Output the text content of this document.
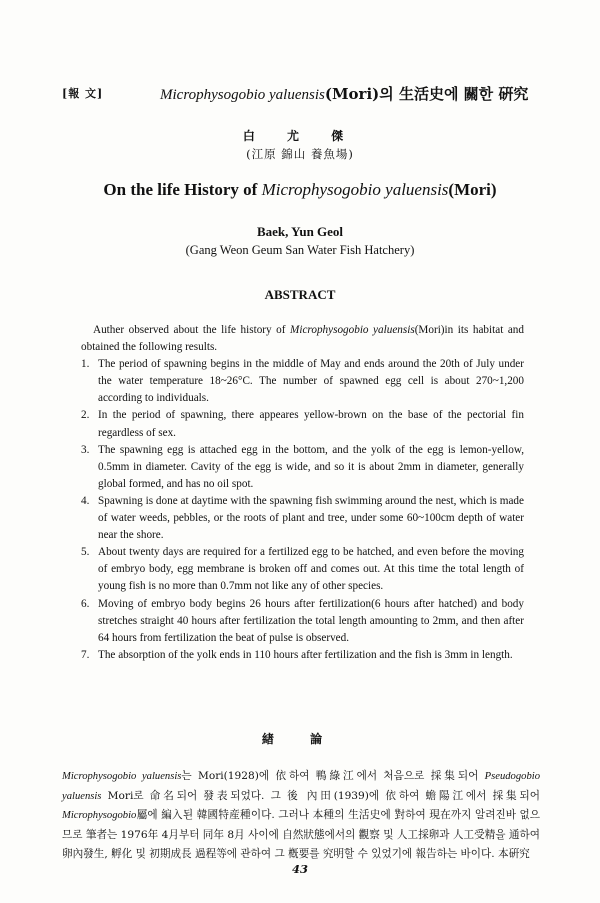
[報 文]	Microphysogobio yaluensis(Mori)의 生活史에 關한 硏究
白 尤 傑
(江原 錦山 養魚場)
On the life History of Microphysogobio yaluensis(Mori)
Baek, Yun Geol
(Gang Weon Geum San Water Fish Hatchery)
ABSTRACT

Auther observed about the life history of Microphysogobio yaluensis(Mori)in its habitat and obtained the following results.

1. The period of spawning begins in the middle of May and ends around the 20th of July under the water temperature 18~26°C. The number of spawned egg cell is about 270~1,200 according to individuals.
2. In the period of spawning, there appeares yellow-brown on the base of the pectorial fin regardless of sex.
3. The spawning egg is attached egg in the bottom, and the yolk of the egg is lemon-yellow, 0.5mm in diameter. Cavity of the egg is wide, and so it is about 2mm in diameter, generally global formed, and has no oil spot.
4. Spawning is done at daytime with the spawning fish swimming around the nest, which is made of water weeds, pebbles, or the roots of plant and tree, under some 60~100cm depth of water near the shore.
5. About twenty days are required for a fertilized egg to be hatched, and even before the moving of embryo body, egg membrane is broken off and comes out. At this time the total length of young fish is no more than 0.7mm not like any of other species.
6. Moving of embryo body begins 26 hours after fertilization(6 hours after hatched) and body stretches straight 40 hours after fertilization the total length amounting to 2mm, and then after 64 hours from fertilization the beat of pulse is observed.
7. The absorption of the yolk ends in 110 hours after fertilization and the fish is 3mm in length.
緖 論

Microphysogobio yaluensis는 Mori(1928)에 依하여 鴨綠江에서 처음으로 採集되어 Pseudogobio yaluensis Mori로 命名되어 發表되었다. 그 後 內田(1939)에 依하여 蟾陽江에서 採集되어 Microphysogobio屬에 編入된 韓國特産種이다. 그러나 本種의 生活史에 對하여 現在까지 알려진바 없으므로 筆者는 1976年 4月부터 同年 8月 사이에 自然狀態에서의 觀察 및 人工採卵과 人工受精을 通하여 卵內發生, 孵化 및 初期成長 過程等에 관하여 그 槪要를 究明할 수 있었기에 報告하는 바이다. 本硏究

43
